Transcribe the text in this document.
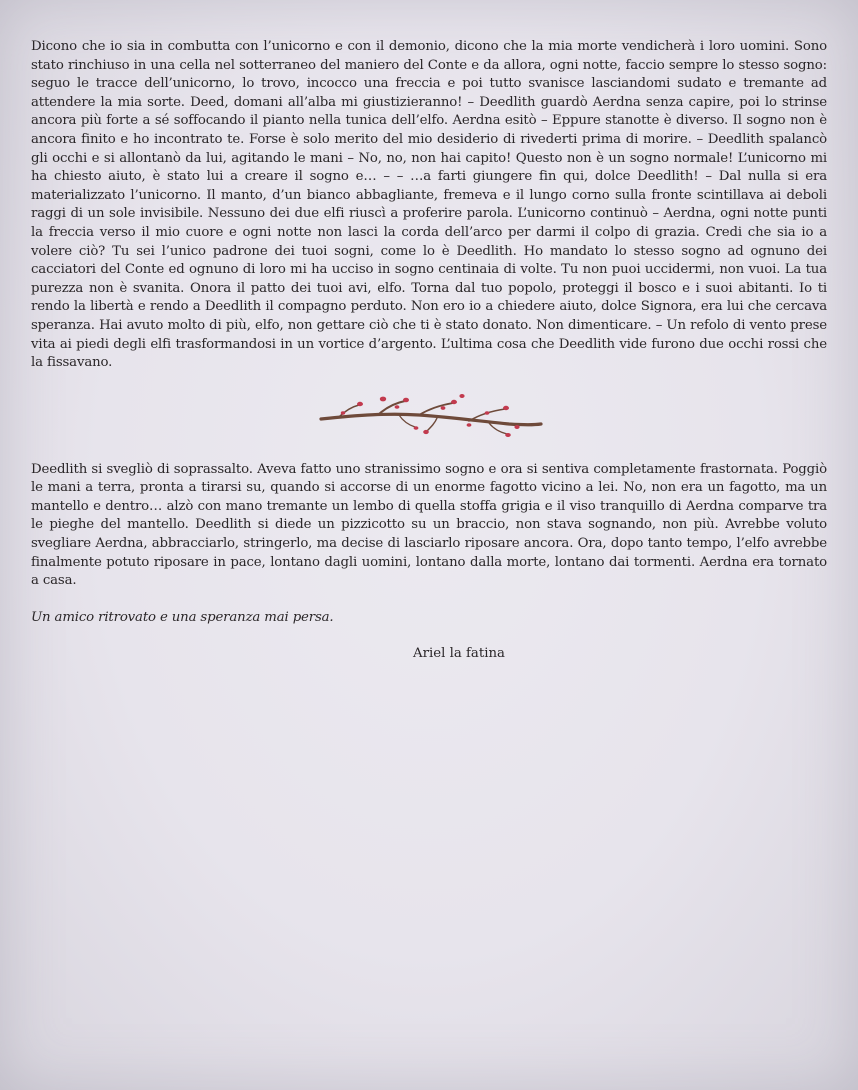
Dicono che io sia in combutta con l’unicorno e con il demonio, dicono che la mia morte vendicherà i loro uomini. Sono stato rinchiuso in una cella nel sotterraneo del maniero del Conte e da allora, ogni notte, faccio sempre lo stesso sogno: seguo le tracce dell’unicorno, lo trovo, incocco una freccia e poi tutto svanisce lasciandomi sudato e tremante ad attendere la mia sorte. Deed, domani all’alba mi giustizieranno! – Deedlith guardò Aerdna senza capire, poi lo strinse ancora più forte a sé soffocando il pianto nella tunica dell’elfo. Aerdna esitò – Eppure stanotte è diverso. Il sogno non è ancora finito e ho incontrato te. Forse è solo merito del mio desiderio di rivederti prima di morire. – Deedlith spalancò gli occhi e si allontanò da lui, agitando le mani – No, no, non hai capito! Questo non è un sogno normale! L’unicorno mi ha chiesto aiuto, è stato lui a creare il sogno e… – – …a farti giungere fin qui, dolce Deedlith! – Dal nulla si era materializzato l’unicorno. Il manto, d’un bianco abbagliante, fremeva e il lungo corno sulla fronte scintillava ai deboli raggi di un sole invisibile. Nessuno dei due elfi riuscì a proferire parola. L’unicorno continuò – Aerdna, ogni notte punti la freccia verso il mio cuore e ogni notte non lasci la corda dell’arco per darmi il colpo di grazia. Credi che sia io a volere ciò? Tu sei l’unico padrone dei tuoi sogni, come lo è Deedlith. Ho mandato lo stesso sogno ad ognuno dei cacciatori del Conte ed ognuno di loro mi ha ucciso in sogno centinaia di volte. Tu non puoi uccidermi, non vuoi. La tua purezza non è svanita. Onora il patto dei tuoi avi, elfo. Torna dal tuo popolo, proteggi il bosco e i suoi abitanti. Io ti rendo la libertà e rendo a Deedlith il compagno perduto. Non ero io a chiedere aiuto, dolce Signora, era lui che cercava speranza. Hai avuto molto di più, elfo, non gettare ciò che ti è stato donato. Non dimenticare. – Un refolo di vento prese vita ai piedi degli elfi trasformandosi in un vortice d’argento. L’ultima cosa che Deedlith vide furono due occhi rossi che la fissavano.

Deedlith si svegliò di soprassalto. Aveva fatto uno stranissimo sogno e ora si sentiva completamente frastornata. Poggiò le mani a terra, pronta a tirarsi su, quando si accorse di un enorme fagotto vicino a lei. No, non era un fagotto, ma un mantello e dentro… alzò con mano tremante un lembo di quella stoffa grigia e il viso tranquillo di Aerdna comparve tra le pieghe del mantello. Deedlith si diede un pizzicotto su un braccio, non stava sognando, non più. Avrebbe voluto svegliare Aerdna, abbracciarlo, stringerlo, ma decise di lasciarlo riposare ancora. Ora, dopo tanto tempo, l’elfo avrebbe finalmente potuto riposare in pace, lontano dagli uomini, lontano dalla morte, lontano dai tormenti. Aerdna era tornato a casa.

Un amico ritrovato e una speranza mai persa.

Ariel la fatina
